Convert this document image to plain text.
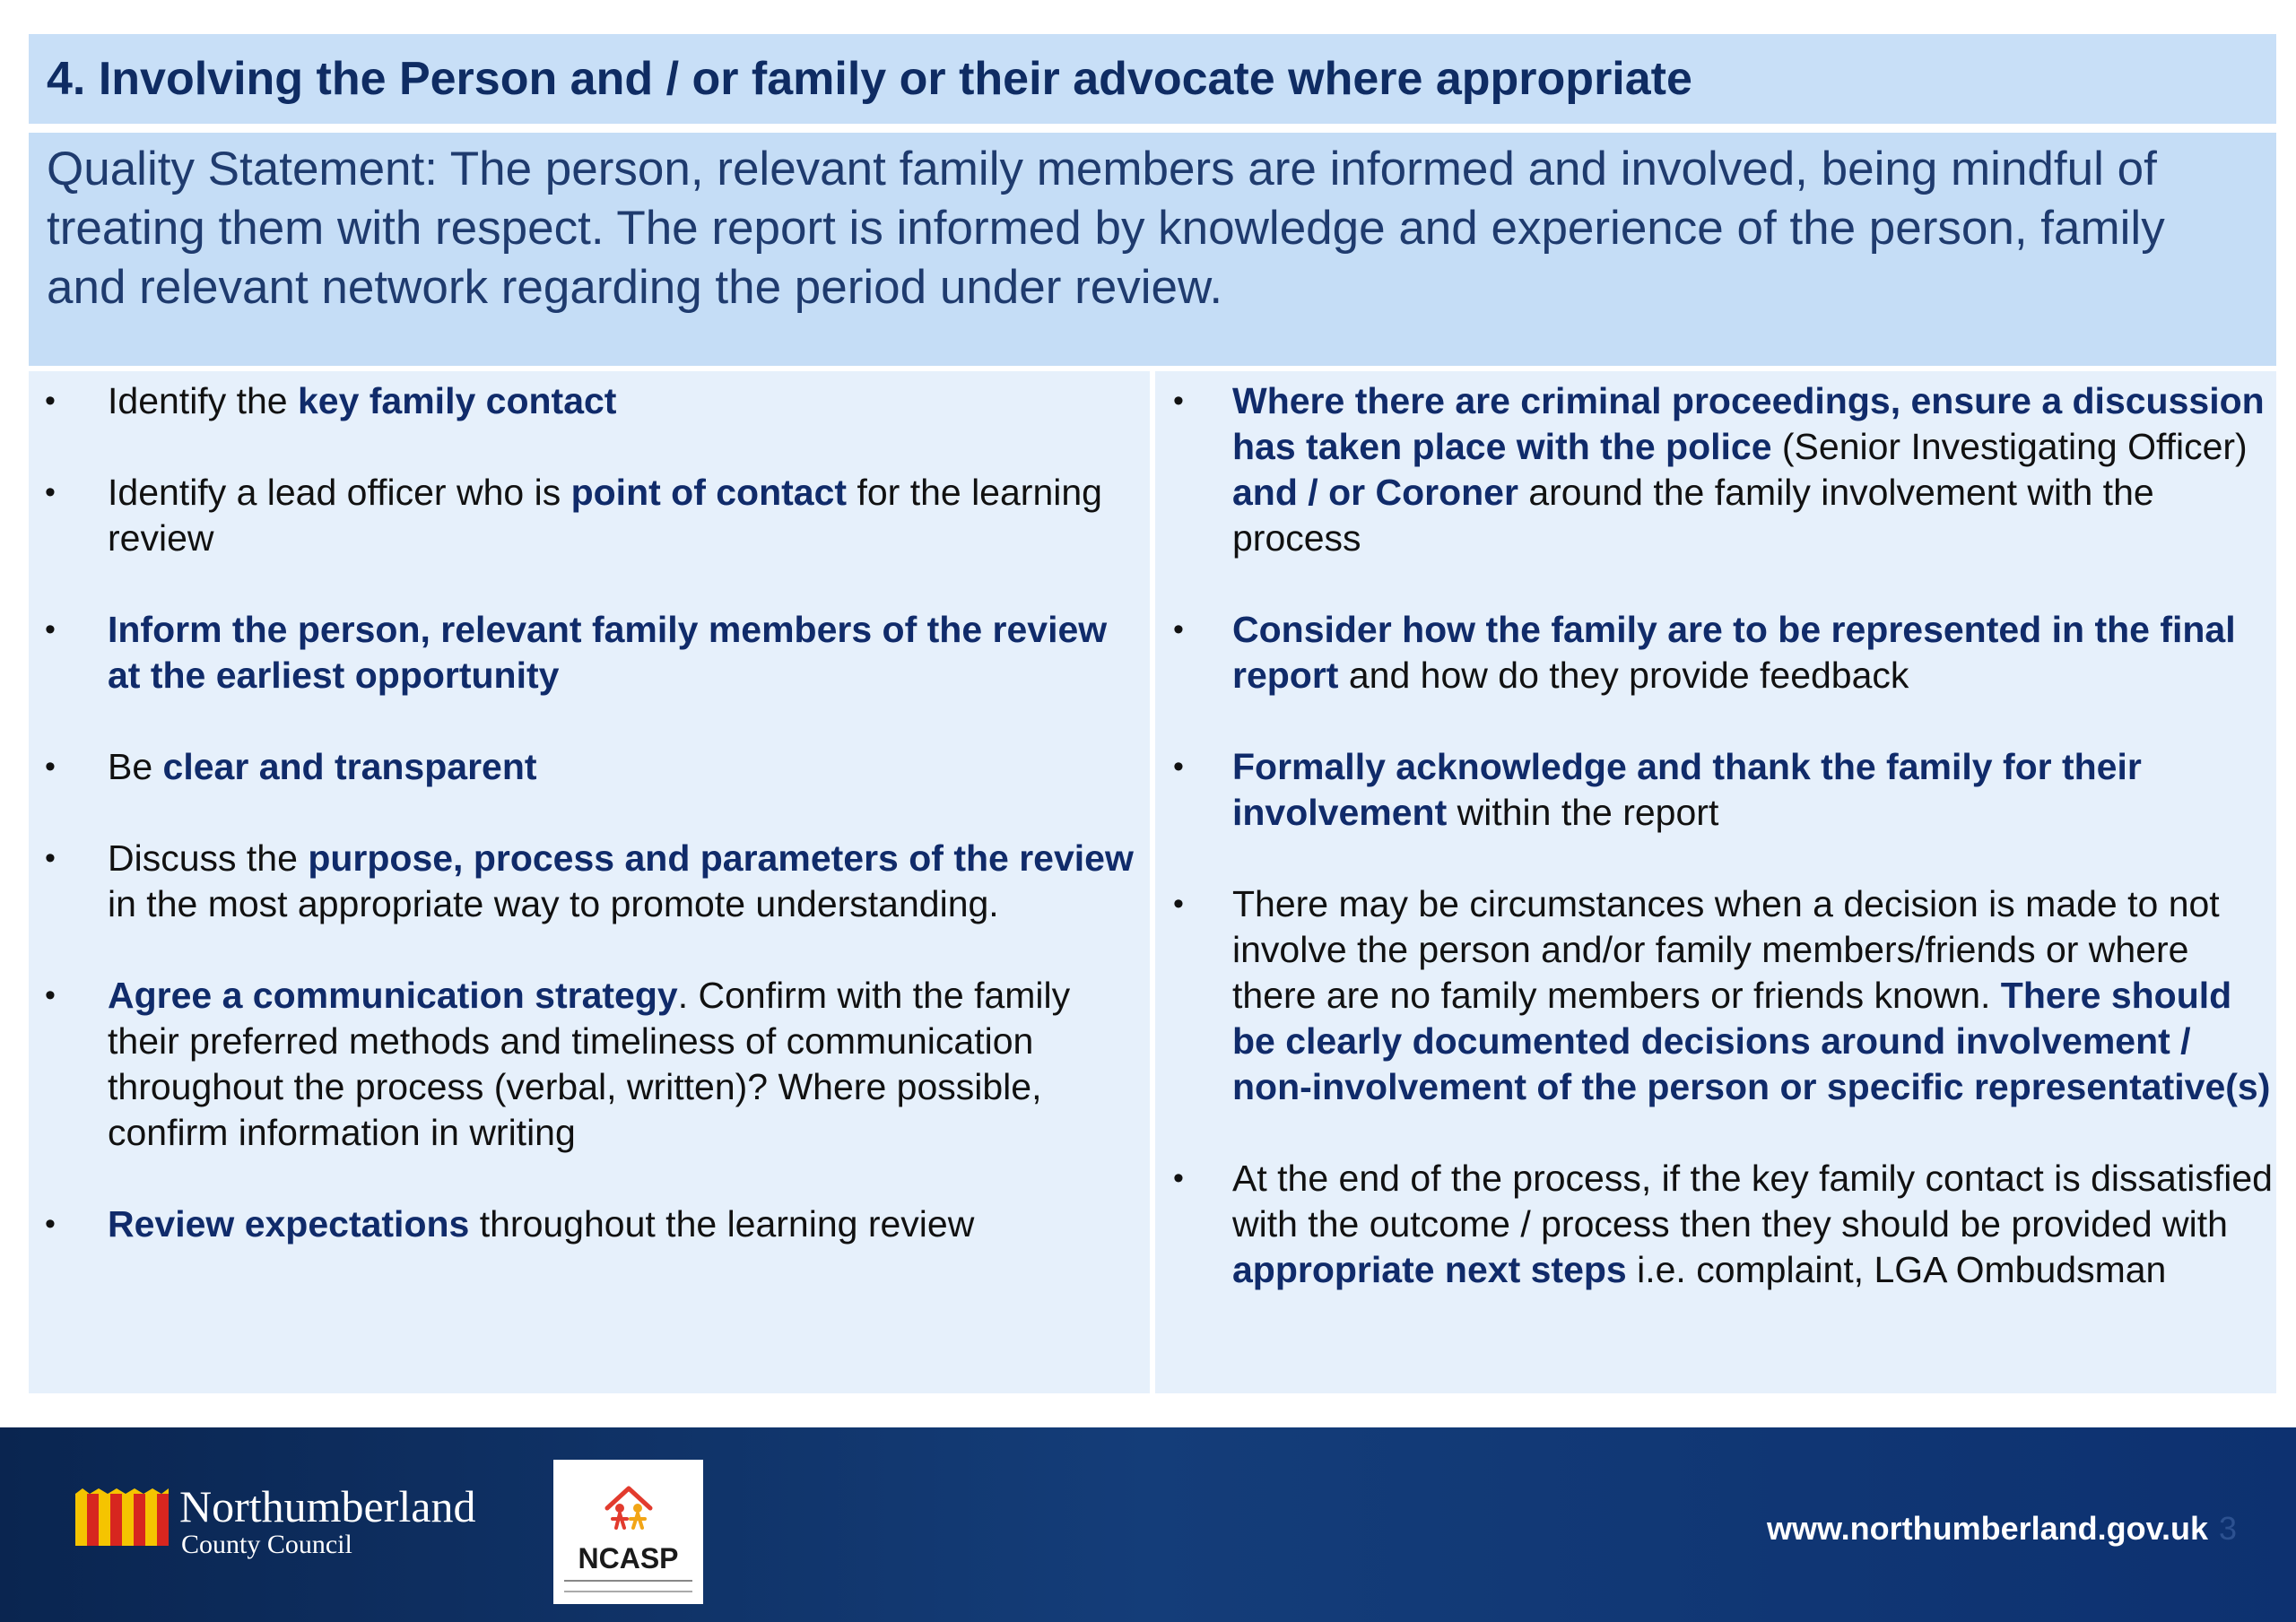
4. Involving the Person and / or family or their advocate where appropriate

Quality Statement: The person, relevant family members are informed and involved, being mindful of treating them with respect. The report is informed by knowledge and experience of the person, family and relevant network regarding the period under review.

• Identify the key family contact
• Identify a lead officer who is point of contact for the learning review
• Inform the person, relevant family members of the review at the earliest opportunity
• Be clear and transparent
• Discuss the purpose, process and parameters of the review in the most appropriate way to promote understanding.
• Agree a communication strategy. Confirm with the family their preferred methods and timeliness of communication throughout the process (verbal, written)? Where possible, confirm information in writing
• Review expectations throughout the learning review
• Where there are criminal proceedings, ensure a discussion has taken place with the police (Senior Investigating Officer) and / or Coroner around the family involvement with the process
• Consider how the family are to be represented in the final report and how do they provide feedback
• Formally acknowledge and thank the family for their involvement within the report
• There may be circumstances when a decision is made to not involve the person and/or family members/friends or where there are no family members or friends known. There should be clearly documented decisions around involvement / non-involvement of the person or specific representative(s)
• At the end of the process, if the key family contact is dissatisfied with the outcome / process then they should be provided with appropriate next steps i.e. complaint, LGA Ombudsman
Northumberland
County Council	NCASP
www.northumberland.gov.uk 3
